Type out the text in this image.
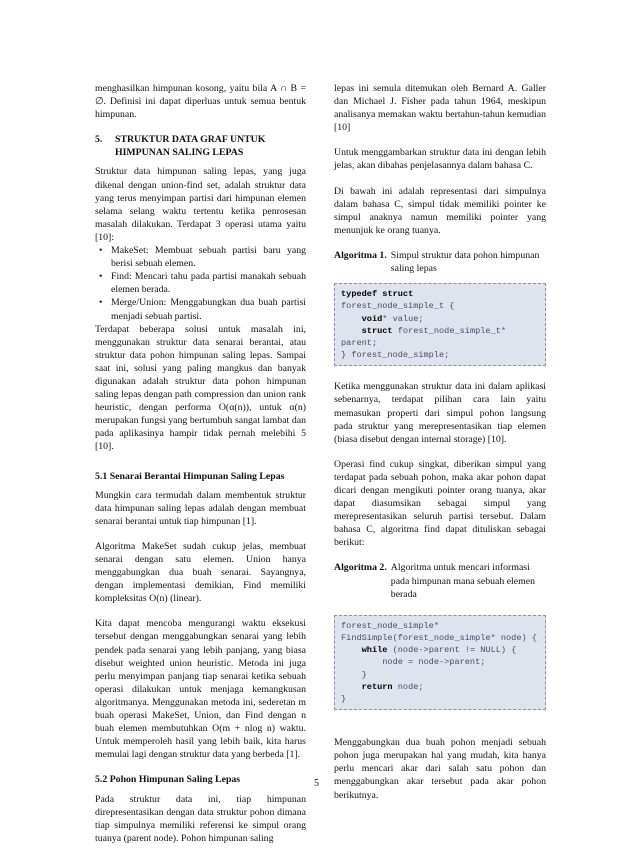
menghasilkan himpunan kosong, yaitu bila A ∩ B = ∅. Definisi ini dapat diperluas untuk semua bentuk himpunan.

5.	STRUKTUR DATA GRAF UNTUK HIMPUNAN SALING LEPAS

Struktur data himpunan saling lepas, yang juga dikenal dengan union-find set, adalah struktur data yang terus menyimpan partisi dari himpunan elemen selama selang waktu tertentu ketika penrosesan masalah dilakukan. Terdapat 3 operasi utama yaitu [10]:

• MakeSet: Membuat sebuah partisi baru yang berisi sebuah elemen.
• Find: Mencari tahu pada partisi manakah sebuah elemen berada.
• Merge/Union: Menggabungkan dua buah partisi menjadi sebuah partisi.

Terdapat beberapa solusi untuk masalah ini, menggunakan struktur data senarai berantai, atau struktur data pohon himpunan saling lepas. Sampai saat ini, solusi yang paling mangkus dan banyak digunakan adalah struktur data pohon himpunan saling lepas dengan path compression dan union rank heuristic, dengan performa O(α(n)), untuk α(n) merupakan fungsi yang bertumbuh sangat lambat dan pada aplikasinya hampir tidak pernah melebihi 5 [10].

5.1 Senarai Berantai Himpunan Saling Lepas

Mungkin cara termudah dalam membentuk struktur data himpunan saling lepas adalah dengan membuat senarai berantai untuk tiap himpunan [1].

Algoritma MakeSet sudah cukup jelas, membuat senarai dengan satu elemen. Union hanya menggabungkan dua buah senarai. Sayangnya, dengan implementasi demikian, Find memiliki kompleksitas O(n) (linear).

Kita dapat mencoba mengurangi waktu eksekusi tersebut dengan menggabungkan senarai yang lebih pendek pada senarai yang lebih panjang, yang biasa disebut weighted union heuristic. Metoda ini juga perlu menyimpan panjang tiap senarai ketika sebuah operasi dilakukan untuk menjaga kemangkusan algoritmanya. Menggunakan metoda ini, sederetan m buah operasi MakeSet, Union, dan Find dengan n buah elemen membutuhkan O(m + nlog n) waktu. Untuk memperoleh hasil yang lebih baik, kita harus memulai lagi dengan struktur data yang berbeda [1].

5.2 Pohon Himpunan Saling Lepas

Pada struktur data ini, tiap himpunan direpresentasikan dengan data struktur pohon dimana tiap simpulnya memiliki referensi ke simpul orang tuanya (parent node). Pohon himpunan saling

lepas ini semula ditemukan oleh Bernard A. Galler dan Michael J. Fisher pada tahun 1964, meskipun analisanya memakan waktu bertahun-tahun kemudian [10]

Untuk menggambarkan struktur data ini dengan lebih jelas, akan dibahas penjelasannya dalam bahasa C.

Di bawah ini adalah representasi dari simpulnya dalam bahasa C, simpul tidak memiliki pointer ke simpul anaknya namun memiliki pointer yang menunjuk ke orang tuanya.

Algoritma 1. Simpul struktur data pohon himpunan saling lepas
typedef struct
forest_node_simple_t {
void* value;
struct forest_node_simple_t*
parent;
} forest_node_simple;

Ketika menggunakan struktur data ini dalam aplikasi sebenarnya, terdapat pilihan cara lain yaitu memasukan properti dari simpul pohon langsung pada struktur yang merepresentasikan tiap elemen (biasa disebut dengan internal storage) [10].

Operasi find cukup singkat, diberikan simpul yang terdapat pada sebuah pohon, maka akar pohon dapat dicari dengan mengikuti pointer orang tuanya, akar dapat diasumsikan sebagai simpul yang merepresentasikan seluruh partisi tersebut. Dalam bahasa C, algoritma find dapat dituliskan sebagai berikut:

Algoritma 2. Algoritma untuk mencari informasi pada himpunan mana sebuah elemen berada
forest_node_simple*
FindSimple(forest_node_simple* node) {
while (node->parent != NULL) {
node = node->parent;
}
return node;
}

Menggabungkan dua buah pohon menjadi sebuah pohon juga merupakan hal yang mudah, kita hanya perlu mencari akar dari salah satu pohon dan menggabungkan akar tersebut pada akar pohon berikutnya.

5
